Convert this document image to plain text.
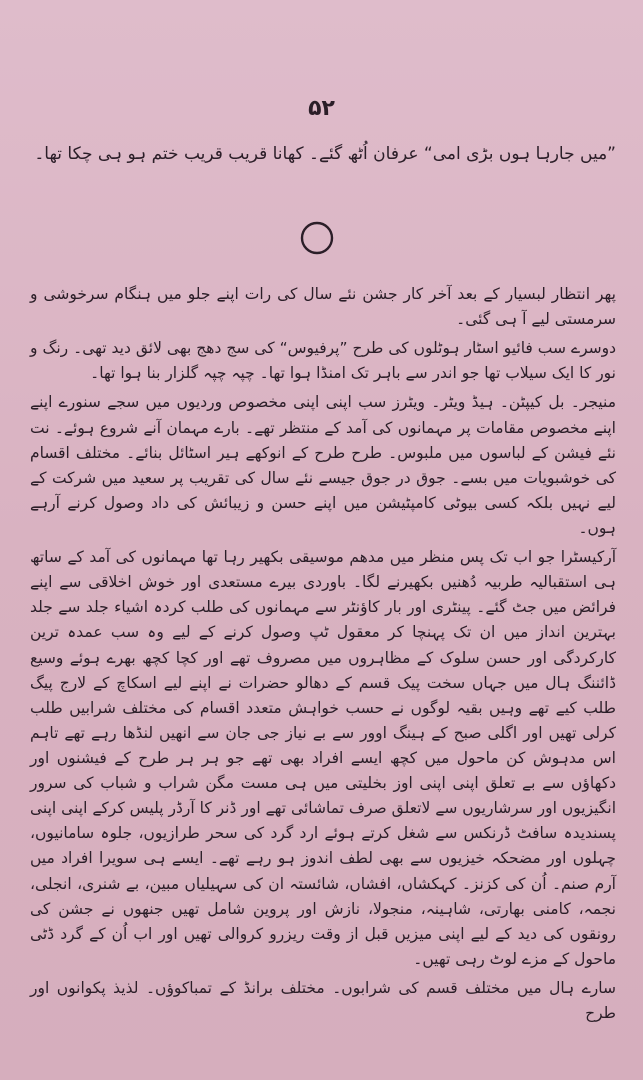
۵۲

”میں جارہا ہوں بڑی امی“ عرفان اُٹھ گئے۔ کھانا قریب قریب ختم ہو ہی چکا تھا۔

پھر انتظار لبسیار کے بعد آخر کار جشن نئے سال کی رات اپنے جلو میں ہنگام سرخوشی و سرمستی لیے آ ہی گئی۔

دوسرے سب فائیو اسٹار ہوٹلوں کی طرح ”پرفیوس“ کی سج دھج بھی لائق دید تھی۔ رنگ و نور کا ایک سیلاب تھا جو اندر سے باہر تک امنڈا ہوا تھا۔ چپہ چپہ گلزار بنا ہوا تھا۔

منیجر۔ بل کیپٹن۔ ہیڈ ویٹر۔ ویٹرز سب اپنی اپنی مخصوص وردیوں میں سجے سنورے اپنے اپنے مخصوص مقامات پر مہمانوں کی آمد کے منتظر تھے۔ بارے مہمان آنے شروع ہوئے۔ نت نئے فیشن کے لباسوں میں ملبوس۔ طرح طرح کے انوکھے ہیر اسٹائل بنائے۔ مختلف اقسام کی خوشبویات میں بسے۔ جوق در جوق جیسے نئے سال کی تقریب پر سعید میں شرکت کے لیے نہیں بلکہ کسی بیوٹی کامپٹیشن میں اپنے حسن و زیبائش کی داد وصول کرنے آرہے ہوں۔

آرکیسٹرا جو اب تک پس منظر میں مدھم موسیقی بکھیر رہا تھا مہمانوں کی آمد کے ساتھ ہی استقبالیہ طربیہ دُھنیں بکھیرنے لگا۔ باوردی بیرے مستعدی اور خوش اخلاقی سے اپنے فرائض میں جٹ گئے۔ پینٹری اور بار کاؤنٹر سے مہمانوں کی طلب کردہ اشیاء جلد سے جلد بہترین انداز میں ان تک پہنچا کر معقول ٹپ وصول کرنے کے لیے وہ سب عمدہ ترین کارکردگی اور حسن سلوک کے مظاہروں میں مصروف تھے اور کچا کچھ بھرے ہوئے وسیع ڈائننگ ہال میں جہاں سخت پیک قسم کے دھالو حضرات نے اپنے لیے اسکاچ کے لارج پیگ طلب کیے تھے وہیں بقیہ لوگوں نے حسب خواہش متعدد اقسام کی مختلف شرابیں طلب کرلی تھیں اور اگلی صبح کے ہینگ اوور سے بے نیاز جی جان سے انھیں لنڈھا رہے تھے تاہم اس مدہوش کن ماحول میں کچھ ایسے افراد بھی تھے جو ہر ہر طرح کے فیشنوں اور دکھاؤں سے بے تعلق اپنی اپنی اوز بخلیتی میں ہی مست مگن شراب و شباب کی سرور انگیزیوں اور سرشاریوں سے لاتعلق صرف تماشائی تھے اور ڈنر کا آرڈر پلیس کرکے اپنی اپنی پسندیدہ سافٹ ڈرنکس سے شغل کرتے ہوئے ارد گرد کی سحر طرازیوں، جلوہ سامانیوں، چہلوں اور مضحکہ خیزیوں سے بھی لطف اندوز ہو رہے تھے۔ ایسے ہی سویرا افراد میں آرم صنم۔ اُن کی کزنز۔ کہکشاں، افشاں، شائستہ ان کی سہیلیاں مبین، بے شنری، انجلی، نجمہ، کامنی بھارتی، شاہینہ، منجولا، نازش اور پروین شامل تھیں جنھوں نے جشن کی رونقوں کی دید کے لیے اپنی میزیں قبل از وقت ریزرو کروالی تھیں اور اب اُن کے گرد ڈٹی ماحول کے مزے لوٹ رہی تھیں۔

سارے ہال میں مختلف قسم کی شرابوں۔ مختلف برانڈ کے تمباکوؤں۔ لذیذ پکوانوں اور طرح
